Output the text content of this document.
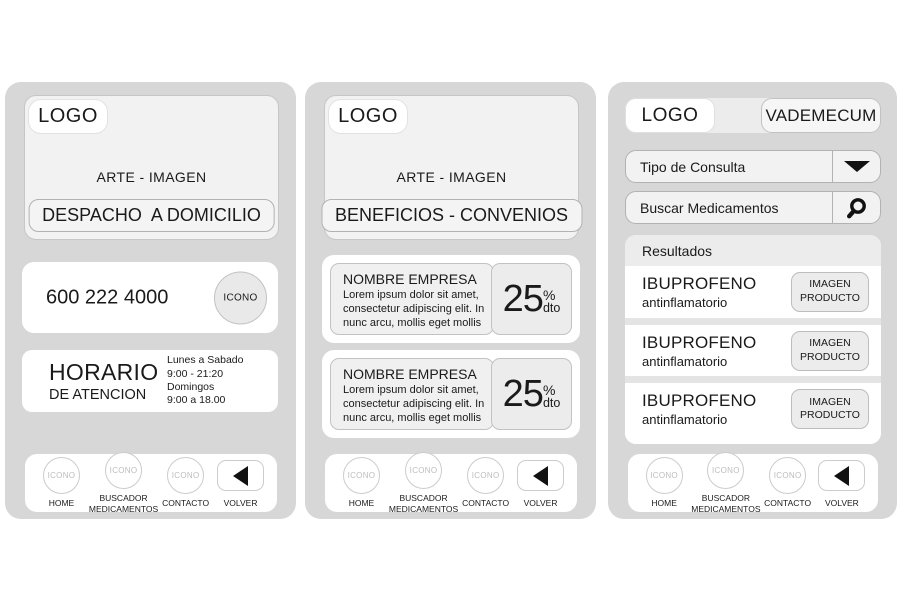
LOGO
ARTE - IMAGEN
DESPACHO  A DOMICILIO
600 222 4000	ICONO
HORARIO
DE ATENCION
Lunes a Sabado
9:00 - 21:20
Domingos
9:00 a 18.00
ICONO
HOME
ICONO
BUSCADOR
MEDICAMENTOS
ICONO
CONTACTO VOLVER
LOGO
ARTE - IMAGEN
BENEFICIOS - CONVENIOS
NOMBRE EMPRESA
Lorem ipsum dolor sit amet, consectetur adipiscing elit. In nunc arcu, mollis eget mollis
25 %
dto
NOMBRE EMPRESA
Lorem ipsum dolor sit amet, consectetur adipiscing elit. In nunc arcu, mollis eget mollis
25 %
dto
ICONO
HOME
ICONO
BUSCADOR
MEDICAMENTOS
ICONO
CONTACTO VOLVER
LOGO	VADEMECUM
Tipo de Consulta
Buscar Medicamentos
Resultados
IBUPROFENO
antinflamatorio
IMAGEN
PRODUCTO
IBUPROFENO
antinflamatorio
IMAGEN
PRODUCTO
IBUPROFENO
antinflamatorio
IMAGEN
PRODUCTO
ICONO
HOME
ICONO
BUSCADOR
MEDICAMENTOS
ICONO
CONTACTO VOLVER
